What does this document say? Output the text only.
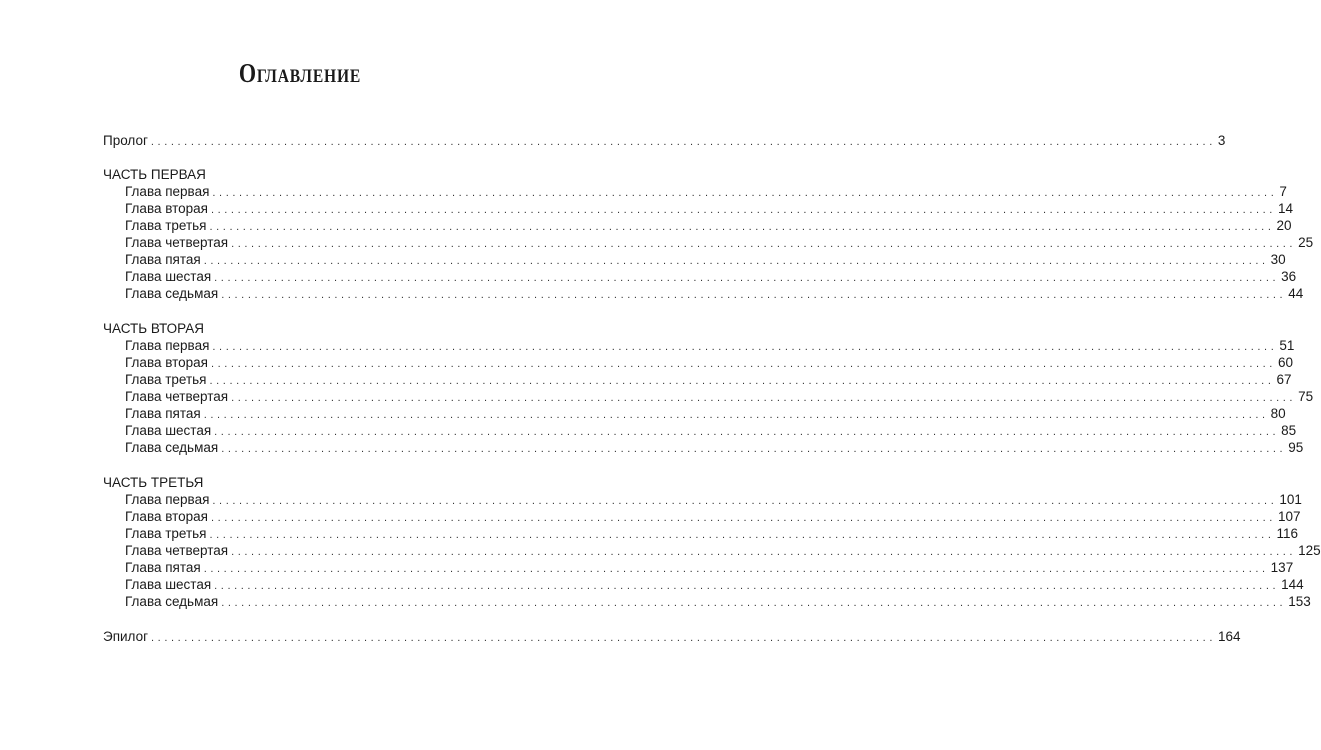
Оглавление
Пролог ................................................................................................................................................................ 3
ЧАСТЬ ПЕРВАЯ
Глава первая ................................................................................................................................................................ 7
Глава вторая ................................................................................................................................................................ 14
Глава третья ................................................................................................................................................................ 20
Глава четвертая ................................................................................................................................................................ 25
Глава пятая ................................................................................................................................................................ 30
Глава шестая ................................................................................................................................................................ 36
Глава седьмая ................................................................................................................................................................ 44
ЧАСТЬ ВТОРАЯ
Глава первая ................................................................................................................................................................ 51
Глава вторая ................................................................................................................................................................ 60
Глава третья ................................................................................................................................................................ 67
Глава четвертая ................................................................................................................................................................ 75
Глава пятая ................................................................................................................................................................ 80
Глава шестая ................................................................................................................................................................ 85
Глава седьмая ................................................................................................................................................................ 95
ЧАСТЬ ТРЕТЬЯ
Глава первая ................................................................................................................................................................ 101
Глава вторая ................................................................................................................................................................ 107
Глава третья ................................................................................................................................................................ 116
Глава четвертая ................................................................................................................................................................ 125
Глава пятая ................................................................................................................................................................ 137
Глава шестая ................................................................................................................................................................ 144
Глава седьмая ................................................................................................................................................................ 153
Эпилог ................................................................................................................................................................ 164
